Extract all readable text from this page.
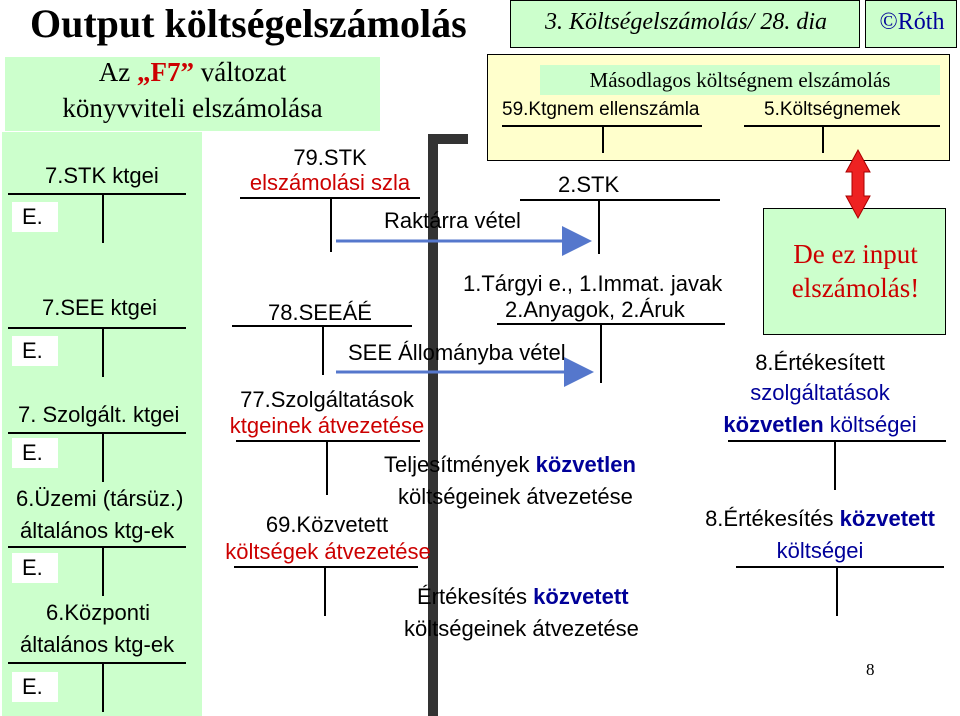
Output költségelszámolás	3. Költségelszámolás/ 28. dia	©Róth
Az „F7” változat
könyvviteli elszámolása
7.STK ktgei
E.
7.SEE ktgei
E.
7. Szolgált. ktgei
E.
6.Üzemi (társüz.)
általános ktg-ek
E.
6.Központi
általános ktg-ek
E.
79.STK
elszámolási szla
78.SEEÁÉ
77.Szolgáltatások
ktgeinek átvezetése
69.Közvetett
költségek átvezetése
Másodlagos költségnem elszámolás
59.Ktgnem ellenszámla	5.Költségnemek
2.STK
1.Tárgyi e., 1.Immat. javak
2.Anyagok, 2.Áruk
Raktárra vétel
SEE Állományba vétel
Teljesítmények közvetlen
költségeinek átvezetése
Értékesítés közvetett
költségeinek átvezetése
De ez input
elszámolás!
8.Értékesített
szolgáltatások
közvetlen költségei
8.Értékesítés közvetett
költségei
8
